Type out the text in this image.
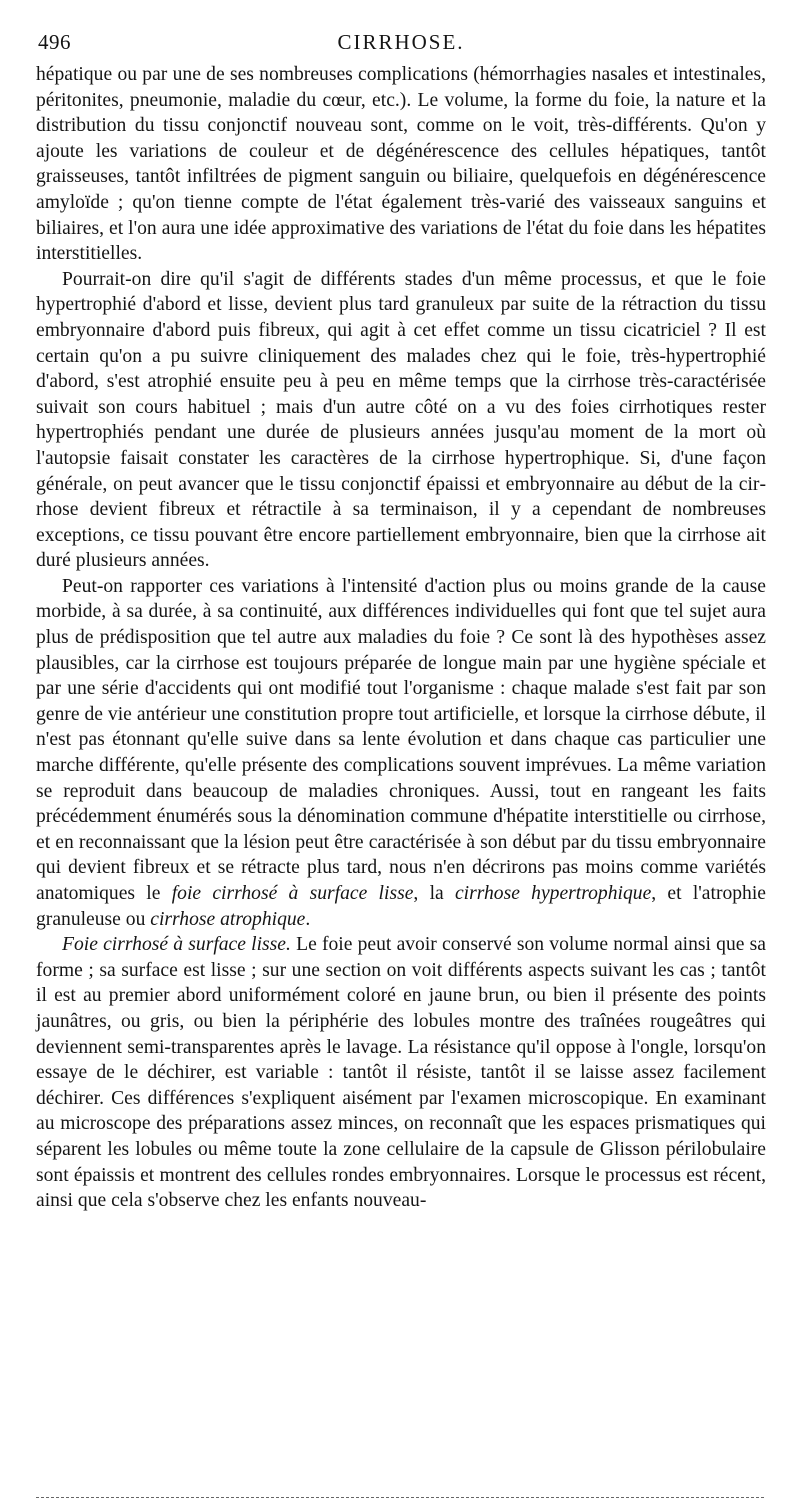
496	CIRRHOSE.

hépatique ou par une de ses nombreuses complications (hémorrhagies nasales et intestinales, péritonites, pneumonie, maladie du cœur, etc.). Le volume, la forme du foie, la nature et la distribution du tissu conjonctif nouveau sont, comme on le voit, très-différents. Qu'on y ajoute les variations de couleur et de dégénérescence des cellules hépatiques, tantôt graisseuses, tantôt infiltrées de pigment sanguin ou biliaire, quelquefois en dégénérescence amyloïde ; qu'on tienne compte de l'état également très-varié des vaisseaux sanguins et biliaires, et l'on aura une idée approximative des variations de l'état du foie dans les hépatites interstitielles.

Pourrait-on dire qu'il s'agit de différents stades d'un même processus, et que le foie hypertrophié d'abord et lisse, devient plus tard granuleux par suite de la rétraction du tissu embryonnaire d'abord puis fibreux, qui agit à cet effet comme un tissu cicatriciel ? Il est certain qu'on a pu suivre cliniquement des malades chez qui le foie, très-hypertrophié d'abord, s'est atrophié ensuite peu à peu en même temps que la cirrhose très-caractérisée suivait son cours habituel ; mais d'un autre côté on a vu des foies cirrhotiques rester hypertrophiés pendant une durée de plusieurs années jusqu'au moment de la mort où l'autopsie faisait constater les caractères de la cirrhose hypertrophique. Si, d'une façon générale, on peut avancer que le tissu conjonctif épaissi et embryonnaire au début de la cirrhose devient fibreux et rétractile à sa terminaison, il y a cependant de nombreuses exceptions, ce tissu pouvant être encore partiellement embryonnaire, bien que la cirrhose ait duré plusieurs années.

Peut-on rapporter ces variations à l'intensité d'action plus ou moins grande de la cause morbide, à sa durée, à sa continuité, aux différences individuelles qui font que tel sujet aura plus de prédisposition que tel autre aux maladies du foie ? Ce sont là des hypothèses assez plausibles, car la cirrhose est toujours préparée de longue main par une hygiène spéciale et par une série d'accidents qui ont modifié tout l'organisme : chaque malade s'est fait par son genre de vie antérieur une constitution propre tout artificielle, et lorsque la cirrhose débute, il n'est pas étonnant qu'elle suive dans sa lente évolution et dans chaque cas particulier une marche différente, qu'elle présente des complications souvent imprévues. La même variation se reproduit dans beaucoup de maladies chroniques. Aussi, tout en rangeant les faits précédemment énumérés sous la dénomination commune d'hépatite interstitielle ou cirrhose, et en reconnaissant que la lésion peut être caractérisée à son début par du tissu embryonnaire qui devient fibreux et se rétracte plus tard, nous n'en décrirons pas moins comme variétés anatomiques le foie cirrhosé à surface lisse, la cirrhose hypertrophique, et l'atrophie granuleuse ou cirrhose atrophique.

Foie cirrhosé à surface lisse. Le foie peut avoir conservé son volume normal ainsi que sa forme ; sa surface est lisse ; sur une section on voit différents aspects suivant les cas ; tantôt il est au premier abord uniformément coloré en jaune brun, ou bien il présente des points jaunâtres, ou gris, ou bien la périphérie des lobules montre des traînées rougeâtres qui deviennent semi-transparentes après le lavage. La résistance qu'il oppose à l'ongle, lorsqu'on essaye de le déchirer, est variable : tantôt il résiste, tantôt il se laisse assez facilement déchirer. Ces différences s'expliquent aisément par l'examen microscopique. En examinant au microscope des préparations assez minces, on reconnaît que les espaces prismatiques qui séparent les lobules ou même toute la zone cellulaire de la capsule de Glisson périlobulaire sont épaissis et montrent des cellules rondes embryonnaires. Lorsque le processus est récent, ainsi que cela s'observe chez les enfants nouveau-
